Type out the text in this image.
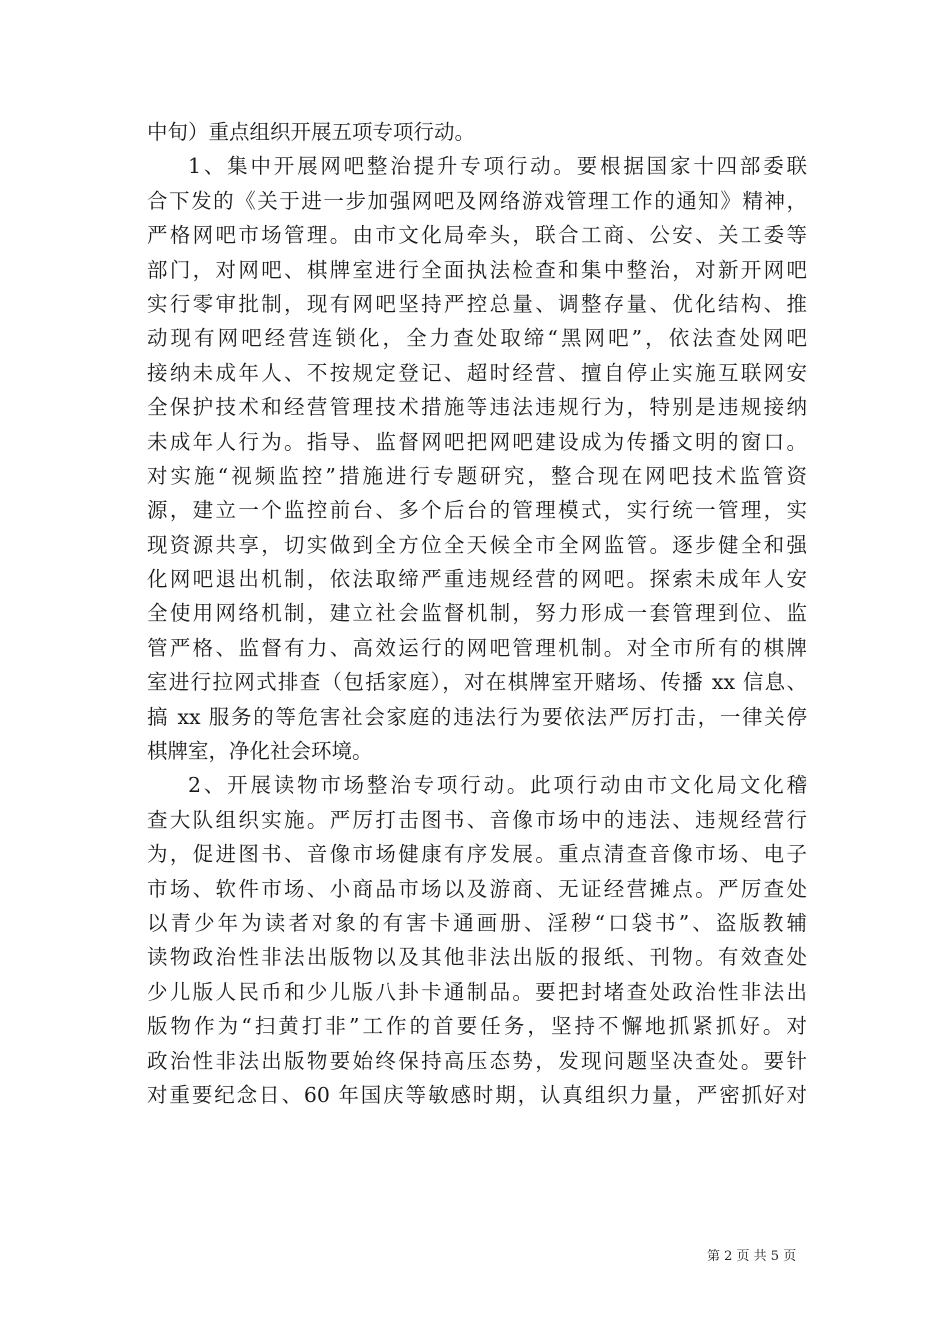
中旬）重点组织开展五项专项行动。
1、集中开展网吧整治提升专项行动。要根据国家十四部委联
合下发的《关于进一步加强网吧及网络游戏管理工作的通知》精神，
严格网吧市场管理。由市文化局牵头，联合工商、公安、关工委等
部门，对网吧、棋牌室进行全面执法检查和集中整治，对新开网吧
实行零审批制，现有网吧坚持严控总量、调整存量、优化结构、推
动现有网吧经营连锁化，全力查处取缔“黑网吧”，依法查处网吧
接纳未成年人、不按规定登记、超时经营、擅自停止实施互联网安
全保护技术和经营管理技术措施等违法违规行为，特别是违规接纳
未成年人行为。指导、监督网吧把网吧建设成为传播文明的窗口。
对实施“视频监控”措施进行专题研究，整合现在网吧技术监管资
源，建立一个监控前台、多个后台的管理模式，实行统一管理，实
现资源共享，切实做到全方位全天候全市全网监管。逐步健全和强
化网吧退出机制，依法取缔严重违规经营的网吧。探索未成年人安
全使用网络机制，建立社会监督机制，努力形成一套管理到位、监
管严格、监督有力、高效运行的网吧管理机制。对全市所有的棋牌
室进行拉网式排查（包括家庭），对在棋牌室开赌场、传播 xx 信息、
搞 xx 服务的等危害社会家庭的违法行为要依法严厉打击，一律关停
棋牌室，净化社会环境。
2、开展读物市场整治专项行动。此项行动由市文化局文化稽
查大队组织实施。严厉打击图书、音像市场中的违法、违规经营行
为，促进图书、音像市场健康有序发展。重点清查音像市场、电子
市场、软件市场、小商品市场以及游商、无证经营摊点。严厉查处
以青少年为读者对象的有害卡通画册、淫秽“口袋书”、盗版教辅
读物政治性非法出版物以及其他非法出版的报纸、刊物。有效查处
少儿版人民币和少儿版八卦卡通制品。要把封堵查处政治性非法出
版物作为“扫黄打非”工作的首要任务，坚持不懈地抓紧抓好。对
政治性非法出版物要始终保持高压态势，发现问题坚决查处。要针
对重要纪念日、60 年国庆等敏感时期，认真组织力量，严密抓好对
第 2 页 共 5 页
